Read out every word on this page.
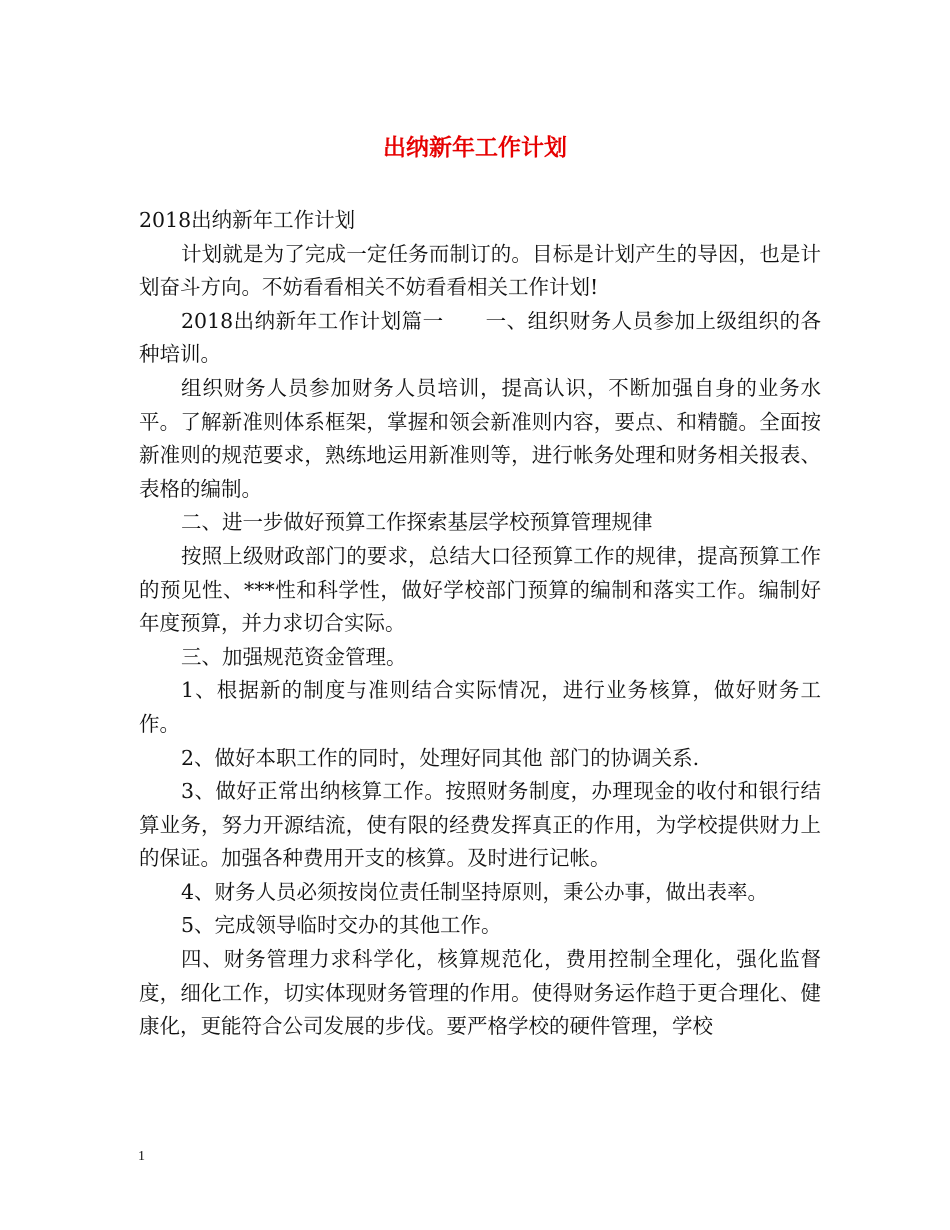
出纳新年工作计划

2018出纳新年工作计划

计划就是为了完成一定任务而制订的。目标是计划产生的导因，也是计划奋斗方向。不妨看看相关不妨看看相关工作计划!

2018出纳新年工作计划篇一　　一、组织财务人员参加上级组织的各种培训。

组织财务人员参加财务人员培训，提高认识，不断加强自身的业务水平。了解新准则体系框架，掌握和领会新准则内容，要点、和精髓。全面按新准则的规范要求，熟练地运用新准则等，进行帐务处理和财务相关报表、表格的编制。

二、进一步做好预算工作探索基层学校预算管理规律

按照上级财政部门的要求，总结大口径预算工作的规律，提高预算工作的预见性、***性和科学性，做好学校部门预算的编制和落实工作。编制好年度预算，并力求切合实际。

三、加强规范资金管理。

1、根据新的制度与准则结合实际情况，进行业务核算，做好财务工作。

2、做好本职工作的同时，处理好同其他 部门的协调关系.

3、做好正常出纳核算工作。按照财务制度，办理现金的收付和银行结算业务，努力开源结流，使有限的经费发挥真正的作用，为学校提供财力上的保证。加强各种费用开支的核算。及时进行记帐。

4、财务人员必须按岗位责任制坚持原则，秉公办事，做出表率。

5、完成领导临时交办的其他工作。

四、财务管理力求科学化，核算规范化，费用控制全理化，强化监督度，细化工作，切实体现财务管理的作用。使得财务运作趋于更合理化、健康化，更能符合公司发展的步伐。要严格学校的硬件管理，学校

1
